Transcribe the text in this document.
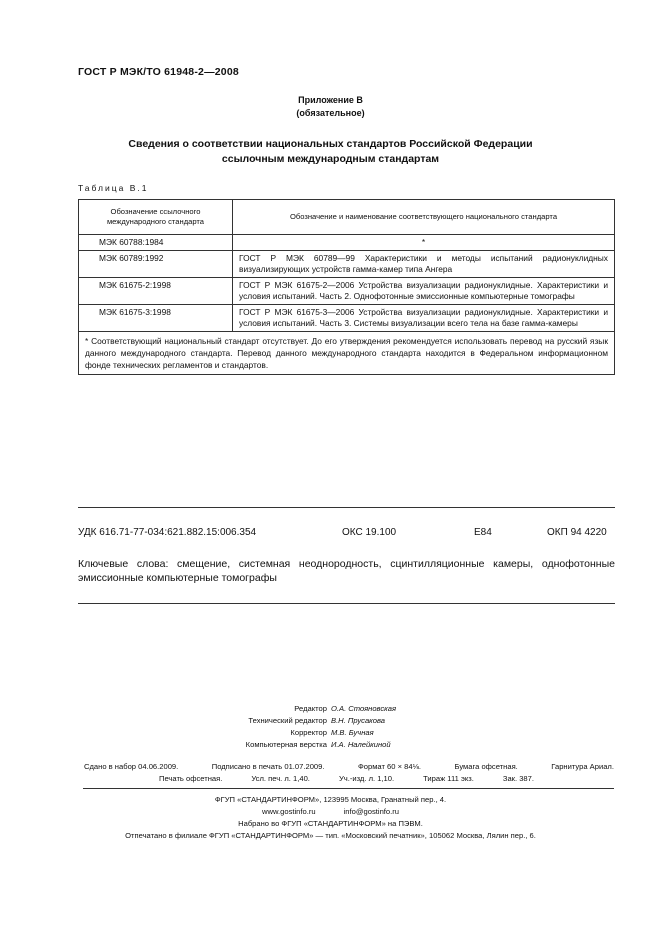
ГОСТ Р МЭК/ТО 61948-2—2008
Приложение В
(обязательное)
Сведения о соответствии национальных стандартов Российской Федерации
ссылочным международным стандартам
Таблица В.1
Обозначение ссылочного международного стандарта	Обозначение и наименование соответствующего национального стандарта
МЭК 60788:1984	*
МЭК 60789:1992	ГОСТ Р МЭК 60789—99 Характеристики и методы испытаний радионуклидных визуализирующих устройств гамма-камер типа Ангера
МЭК 61675-2:1998	ГОСТ Р МЭК 61675-2—2006 Устройства визуализации радионуклидные. Характеристики и условия испытаний. Часть 2. Однофотонные эмиссионные компьютерные томографы
МЭК 61675-3:1998	ГОСТ Р МЭК 61675-3—2006 Устройства визуализации радионуклидные. Характеристики и условия испытаний. Часть 3. Системы визуализации всего тела на базе гамма-камеры
* Соответствующий национальный стандарт отсутствует. До его утверждения рекомендуется использовать перевод на русский язык данного международного стандарта. Перевод данного международного стандарта находится в Федеральном информационном фонде технических регламентов и стандартов.	
УДК 616.71-77-034:621.882.15:006.354	ОКС 19.100	Е84	ОКП 94 4220
Ключевые слова: смещение, системная неоднородность, сцинтилляционные камеры, однофотонные эмиссионные компьютерные томографы
Редактор О.А. Стояновская
Технический редактор В.Н. Прусакова
Корректор М.В. Бучная
Компьютерная верстка И.А. Налейкиной
Сдано в набор 04.06.2009.	Подписано в печать 01.07.2009.	Формат 60 × 84⅛.	Бумага офсетная.	Гарнитура Ариал.
Печать офсетная.	Усл. печ. л. 1,40.	Уч.-изд. л. 1,10.	Тираж 111 экз.	Зак. 387.
ФГУП «СТАНДАРТИНФОРМ», 123995 Москва, Гранатный пер., 4.
www.gostinfo.ru	info@gostinfo.ru
Набрано во ФГУП «СТАНДАРТИНФОРМ» на ПЭВМ.
Отпечатано в филиале ФГУП «СТАНДАРТИНФОРМ» — тип. «Московский печатник», 105062 Москва, Лялин пер., 6.
